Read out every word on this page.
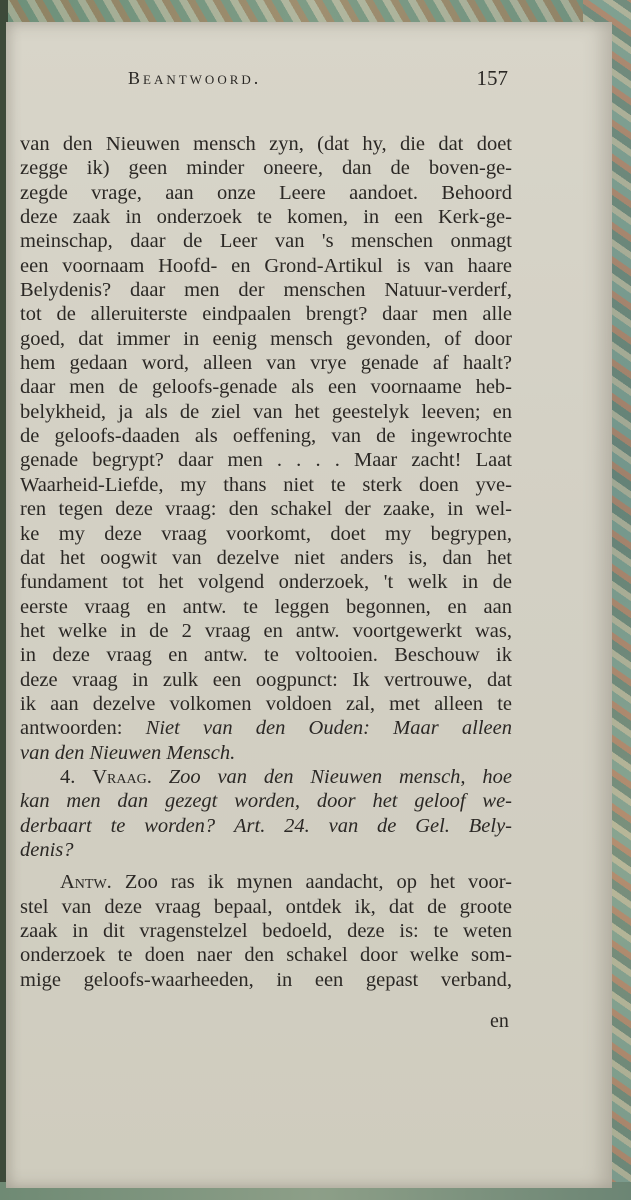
Beantwoord.	157
van den Nieuwen mensch zyn, (dat hy, die dat doet
zegge ik) geen minder oneere, dan de boven-ge-
zegde vrage, aan onze Leere aandoet. Behoord
deze zaak in onderzoek te komen, in een Kerk-ge-
meinschap, daar de Leer van 's menschen onmagt
een voornaam Hoofd- en Grond-Artikul is van haare
Belydenis? daar men der menschen Natuur-verderf,
tot de alleruiterste eindpaalen brengt? daar men alle
goed, dat immer in eenig mensch gevonden, of door
hem gedaan word, alleen van vrye genade af haalt?
daar men de geloofs-genade als een voornaame heb-
belykheid, ja als de ziel van het geestelyk leeven; en
de geloofs-daaden als oeffening, van de ingewrochte
genade begrypt? daar men . . . . Maar zacht! Laat
Waarheid-Liefde, my thans niet te sterk doen yve-
ren tegen deze vraag: den schakel der zaake, in wel-
ke my deze vraag voorkomt, doet my begrypen,
dat het oogwit van dezelve niet anders is, dan het
fundament tot het volgend onderzoek, 't welk in de
eerste vraag en antw. te leggen begonnen, en aan
het welke in de 2 vraag en antw. voortgewerkt was,
in deze vraag en antw. te voltooien. Beschouw ik
deze vraag in zulk een oogpunct: Ik vertrouwe, dat
ik aan dezelve volkomen voldoen zal, met alleen te
antwoorden: Niet van den Ouden: Maar alleen
van den Nieuwen Mensch.
4. Vraag. Zoo van den Nieuwen mensch, hoe
kan men dan gezegt worden, door het geloof we-
derbaart te worden? Art. 24. van de Gel. Bely-
denis?
Antw. Zoo ras ik mynen aandacht, op het voor-
stel van deze vraag bepaal, ontdek ik, dat de groote
zaak in dit vragenstelzel bedoeld, deze is: te weten
onderzoek te doen naer den schakel door welke som-
mige geloofs-waarheeden, in een gepast verband,
en
